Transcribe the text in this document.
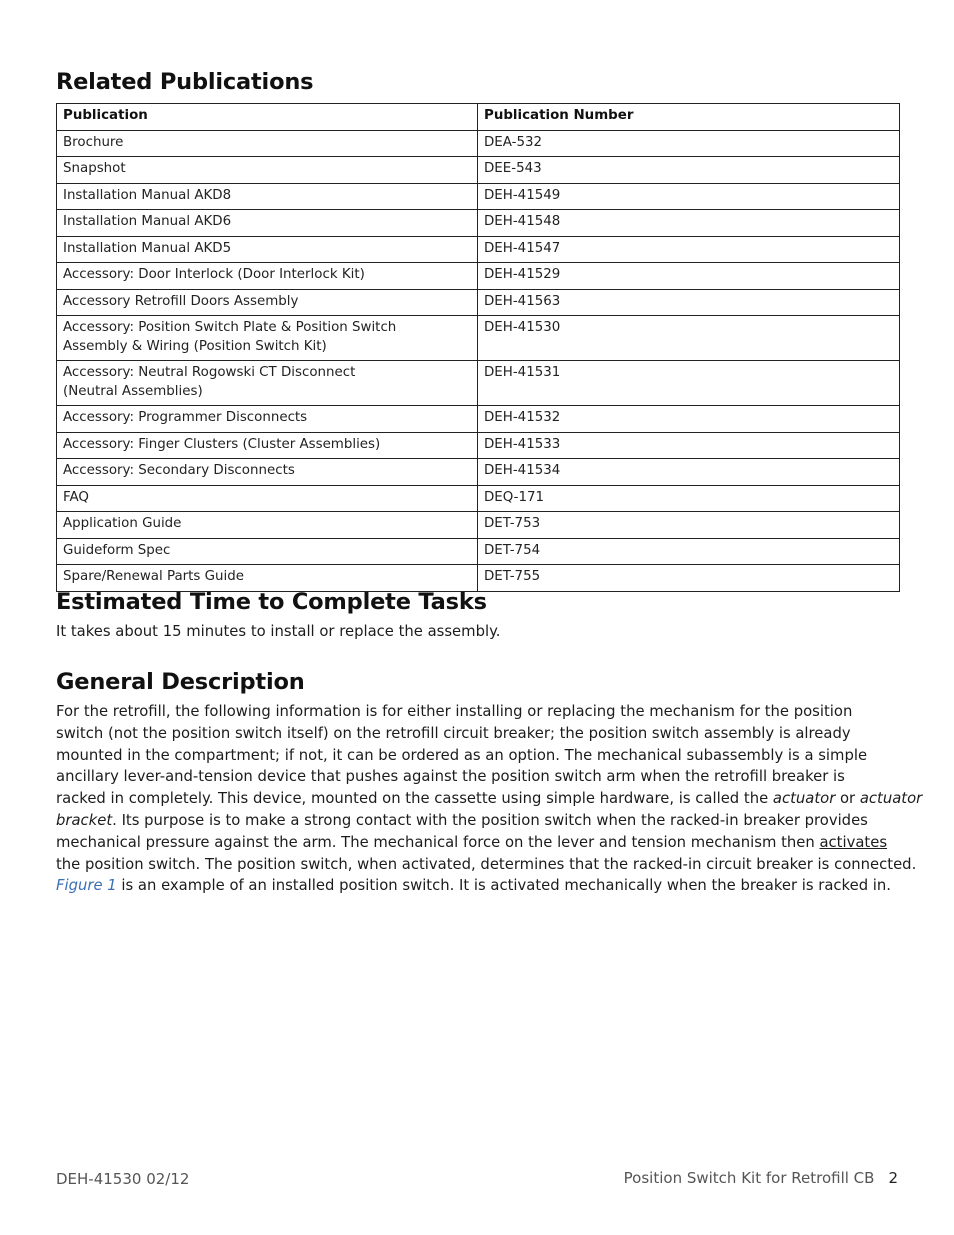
Related Publications
Publication	Publication Number
Brochure	DEA-532
Snapshot	DEE-543
Installation Manual AKD8	DEH-41549
Installation Manual AKD6	DEH-41548
Installation Manual AKD5	DEH-41547
Accessory: Door Interlock (Door Interlock Kit)	DEH-41529
Accessory Retrofill Doors Assembly	DEH-41563
Accessory: Position Switch Plate & Position Switch
Assembly & Wiring (Position Switch Kit)	DEH-41530
Accessory: Neutral Rogowski CT Disconnect
(Neutral Assemblies)	DEH-41531
Accessory: Programmer Disconnects	DEH-41532
Accessory: Finger Clusters (Cluster Assemblies)	DEH-41533
Accessory: Secondary Disconnects	DEH-41534
FAQ	DEQ-171
Application Guide	DET-753
Guideform Spec	DET-754
Spare/Renewal Parts Guide	DET-755
Estimated Time to Complete Tasks

It takes about 15 minutes to install or replace the assembly.

General Description
For the retrofill, the following information is for either installing or replacing the mechanism for the position
switch (not the position switch itself) on the retrofill circuit breaker; the position switch assembly is already
mounted in the compartment; if not, it can be ordered as an option. The mechanical subassembly is a simple
ancillary lever-and-tension device that pushes against the position switch arm when the retrofill breaker is
racked in completely. This device, mounted on the cassette using simple hardware, is called the actuator or actuator
bracket. Its purpose is to make a strong contact with the position switch when the racked-in breaker provides
mechanical pressure against the arm. The mechanical force on the lever and tension mechanism then activates
the position switch. The position switch, when activated, determines that the racked-in circuit breaker is connected.
Figure 1 is an example of an installed position switch. It is activated mechanically when the breaker is racked in.
DEH-41530 02/12	Position Switch Kit for Retrofill CB 2
